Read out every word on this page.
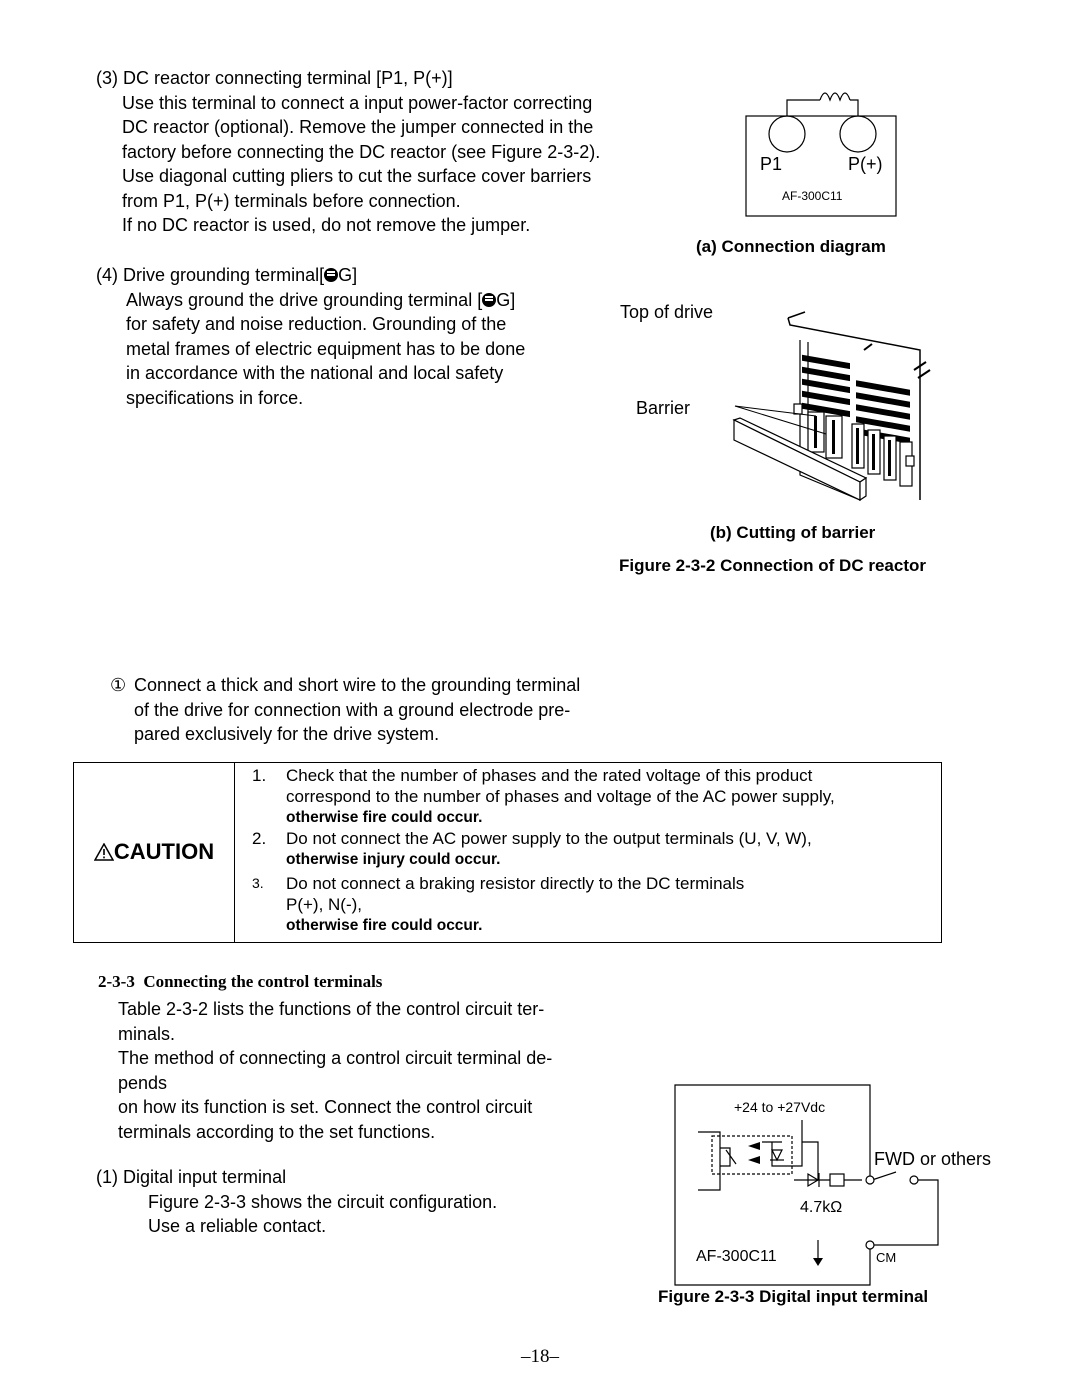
(3) DC reactor connecting terminal [P1, P(+)]

Use this terminal to connect a input power-factor correcting

DC reactor (optional). Remove the jumper connected in the

factory before connecting the DC reactor (see Figure 2-3-2).

Use diagonal cutting pliers to cut the surface cover barriers

from P1, P(+) terminals before connection.

If no DC reactor is used, do not remove the jumper.

(4) Drive grounding terminal[ G]

Always ground the drive grounding terminal [ G]

for safety and noise reduction. Grounding of the

metal frames of electric equipment has to be done

in accordance with the national and local safety

specifications in force.

P1	P(+)
AF-300C11
(a) Connection diagram
Top of drive
Barrier
(b) Cutting of barrier
Figure 2-3-2 Connection of DC reactor
① Connect a thick and short wire to the grounding terminal

of the drive for connection with a ground electrode pre-

pared exclusively for the drive system.

CAUTION

1.	Check that the number of phases and the rated voltage of this product
correspond to the number of phases and voltage of the AC power supply,
otherwise fire could occur.
2.	Do not connect the AC power supply to the output terminals (U, V, W),
otherwise injury could occur.
3.	Do not connect a braking resistor directly to the DC terminals
P(+), N(-),
otherwise fire could occur.
2-3-3 Connecting the control terminals

Table 2-3-2 lists the functions of the control circuit ter-

minals.

The method of connecting a control circuit terminal de-

pends

on how its function is set. Connect the control circuit

terminals according to the set functions.

(1) Digital input terminal

Figure 2-3-3 shows the circuit configuration.

Use a reliable contact.

+24 to +27Vdc
FWD or others
4.7kΩ
AF-300C11	CM
Figure 2-3-3 Digital input terminal
–18–
